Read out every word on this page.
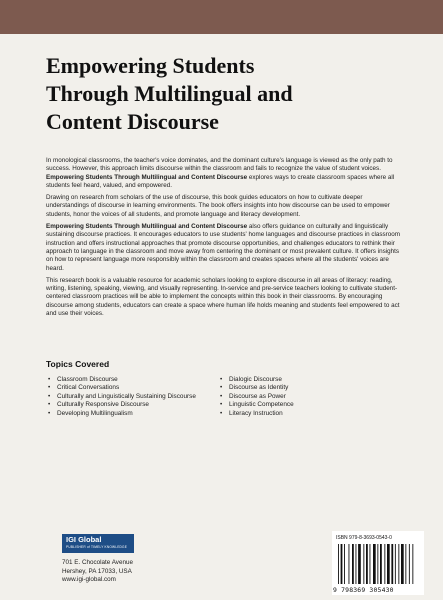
Empowering Students
Through Multilingual and
Content Discourse

In monological classrooms, the teacher's voice dominates, and the dominant culture's language is viewed as the only path to success. However, this approach limits discourse within the classroom and fails to recognize the value of student voices. Empowering Students Through Multilingual and Content Discourse explores ways to create classroom spaces where all students feel heard, valued, and empowered.

Drawing on research from scholars of the use of discourse, this book guides educators on how to cultivate deeper understandings of discourse in learning environments. The book offers insights into how discourse can be used to empower students, honor the voices of all students, and promote language and literacy development.

Empowering Students Through Multilingual and Content Discourse also offers guidance on culturally and linguistically sustaining discourse practices. It encourages educators to use students' home languages and discourse practices in classroom instruction and offers instructional approaches that promote discourse opportunities, and challenges educators to rethink their approach to language in the classroom and move away from centering the dominant or most prevalent culture. It offers insights on how to represent language more responsibly within the classroom and creates spaces where all the students' voices are heard.

This research book is a valuable resource for academic scholars looking to explore discourse in all areas of literacy: reading, writing, listening, speaking, viewing, and visually representing. In-service and pre-service teachers looking to cultivate student-centered classroom practices will be able to implement the concepts within this book in their classrooms. By encouraging discourse among students, educators can create a space where human life holds meaning and students feel empowered to act and use their voices.

Topics Covered
• Classroom Discourse
• Critical Conversations
• Culturally and Linguistically Sustaining Discourse
• Culturally Responsive Discourse
• Developing Multilingualism
• Dialogic Discourse
• Discourse as Identity
• Discourse as Power
• Linguistic Competence
• Literacy Instruction
IGI Global
PUBLISHER of TIMELY KNOWLEDGE
701 E. Chocolate Avenue
Hershey, PA 17033, USA
www.igi-global.com
ISBN 979-8-3693-0543-0
9 798369 305430
